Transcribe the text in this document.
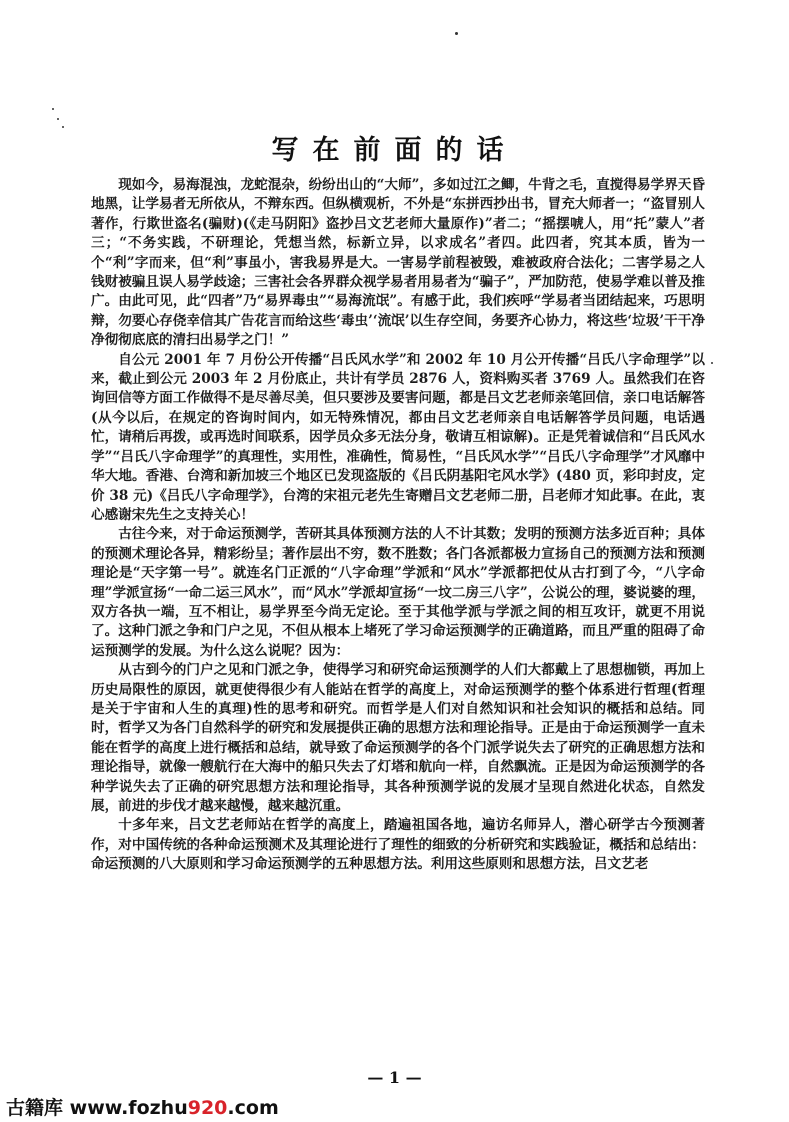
写在前面的话

现如今，易海混浊，龙蛇混杂，纷纷出山的“大师”，多如过江之鲫，牛背之毛，直搅得易学界天昏地黑，让学易者无所依从，不辩东西。但纵横观析，不外是“东拼西抄出书，冒充大师者一；“盗冒别人著作，行欺世盗名(骗财)(《走马阴阳》盗抄吕文艺老师大量原作)”者二；“摇摆唬人，用“托”蒙人”者三；“不务实践，不研理论，凭想当然，标新立异，以求成名”者四。此四者，究其本质，皆为一个“利”字而来，但“利”事虽小，害我易界是大。一害易学前程被毁，难被政府合法化；二害学易之人钱财被骗且误人易学歧途；三害社会各界群众视学易者用易者为“骗子”，严加防范，使易学难以普及推广。由此可见，此“四者”乃“易界毒虫”“易海流氓”。有感于此，我们疾呼“学易者当团结起来，巧思明辩，勿要心存侥幸信其广告花言而给这些‘毒虫’‘流氓’以生存空间，务要齐心协力，将这些‘垃圾’干干净净彻彻底底的清扫出易学之门！”

自公元 2001 年 7 月份公开传播“吕氏风水学”和 2002 年 10 月公开传播“吕氏八字命理学”以来，截止到公元 2003 年 2 月份底止，共计有学员 2876 人，资料购买者 3769 人。虽然我们在咨询回信等方面工作做得不是尽善尽美，但只要涉及要害问题，都是吕文艺老师亲笔回信，亲口电话解答(从今以后，在规定的咨询时间内，如无特殊情况，都由吕文艺老师亲自电话解答学员问题，电话遇忙，请稍后再拨，或再选时间联系，因学员众多无法分身，敬请互相谅解)。正是凭着诚信和“吕氏风水学”“吕氏八字命理学”的真理性，实用性，准确性，简易性，“吕氏风水学”“吕氏八字命理学”才风靡中华大地。香港、台湾和新加坡三个地区已发现盗版的《吕氏阴基阳宅风水学》(480 页，彩印封皮，定价 38 元)《吕氏八字命理学》，台湾的宋祖元老先生寄赠吕文艺老师二册，吕老师才知此事。在此，衷心感谢宋先生之支持关心！

古往今来，对于命运预测学，苦研其具体预测方法的人不计其数；发明的预测方法多近百种；具体的预测术理论各异，精彩纷呈；著作层出不穷，数不胜数；各门各派都极力宣扬自己的预测方法和预测理论是“天字第一号”。就连名门正派的“八字命理”学派和“风水”学派都把仗从古打到了今，“八字命理”学派宣扬“一命二运三风水”，而“风水”学派却宣扬“一坟二房三八字”，公说公的理，婆说婆的理，双方各执一端，互不相让，易学界至今尚无定论。至于其他学派与学派之间的相互攻讦，就更不用说了。这种门派之争和门户之见，不但从根本上堵死了学习命运预测学的正确道路，而且严重的阻碍了命运预测学的发展。为什么这么说呢？因为：

从古到今的门户之见和门派之争，使得学习和研究命运预测学的人们大都戴上了思想枷锁，再加上历史局限性的原因，就更使得很少有人能站在哲学的高度上，对命运预测学的整个体系进行哲理(哲理是关于宇宙和人生的真理)性的思考和研究。而哲学是人们对自然知识和社会知识的概括和总结。同时，哲学又为各门自然科学的研究和发展提供正确的思想方法和理论指导。正是由于命运预测学一直未能在哲学的高度上进行概括和总结，就导致了命运预测学的各个门派学说失去了研究的正确思想方法和理论指导，就像一艘航行在大海中的船只失去了灯塔和航向一样，自然飘流。正是因为命运预测学的各种学说失去了正确的研究思想方法和理论指导，其各种预测学说的发展才呈现自然进化状态，自然发展，前进的步伐才越来越慢，越来越沉重。

十多年来，吕文艺老师站在哲学的高度上，踏遍祖国各地，遍访名师异人，潜心研学古今预测著作，对中国传统的各种命运预测术及其理论进行了理性的细致的分析研究和实践验证，概括和总结出：命运预测的八大原则和学习命运预测学的五种思想方法。利用这些原则和思想方法，吕文艺老

— 1 —
古籍库 www.fozhu920.com
